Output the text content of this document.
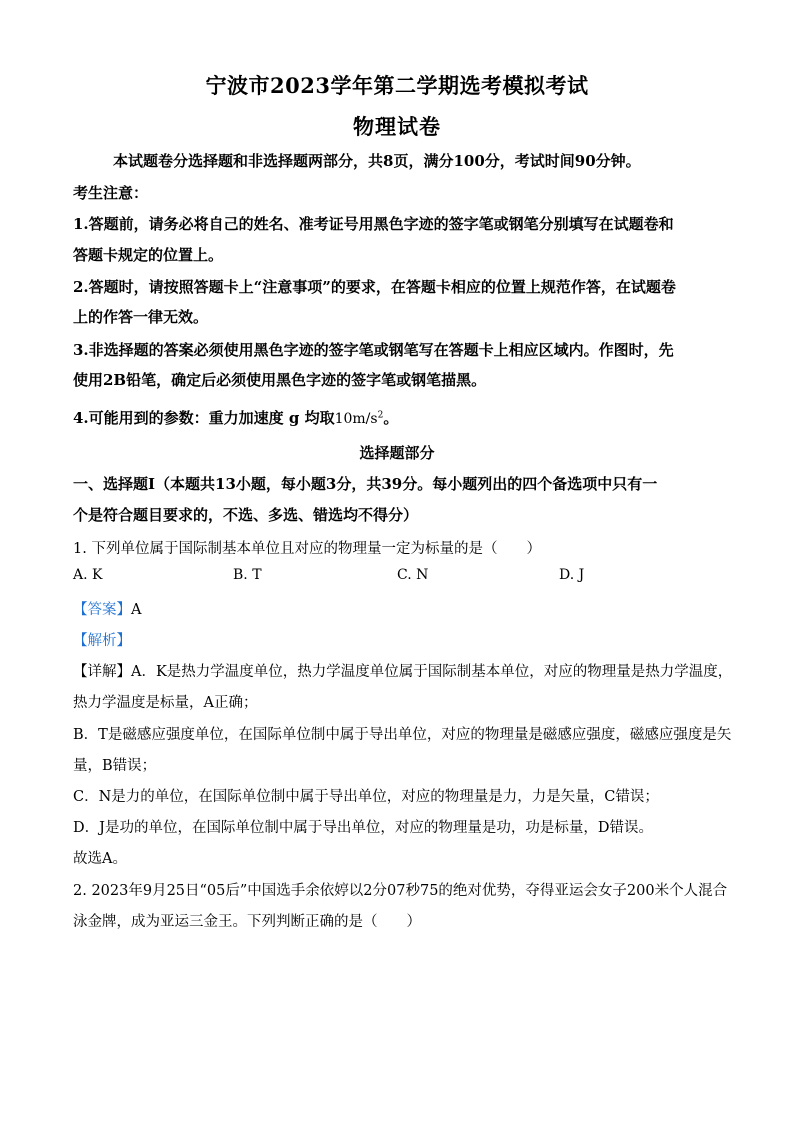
宁波市2023学年第二学期选考模拟考试
物理试卷
本试题卷分选择题和非选择题两部分，共8页，满分100分，考试时间90分钟。
考生注意：
1.答题前，请务必将自己的姓名、准考证号用黑色字迹的签字笔或钢笔分别填写在试题卷和
答题卡规定的位置上。
2.答题时，请按照答题卡上“注意事项”的要求，在答题卡相应的位置上规范作答，在试题卷
上的作答一律无效。
3.非选择题的答案必须使用黑色字迹的签字笔或钢笔写在答题卡上相应区域内。作图时，先
使用2B铅笔，确定后必须使用黑色字迹的签字笔或钢笔描黑。
4.可能用到的参数：重力加速度 g 均取$10m/s^2$。
选择题部分
一、选择题Ⅰ（本题共13小题，每小题3分，共39分。每小题列出的四个备选项中只有一
个是符合题目要求的，不选、多选、错选均不得分）
1. 下列单位属于国际制基本单位且对应的物理量一定为标量的是（　　）
A. K	B. T	C. N	D. J
【答案】A
【解析】
【详解】A．K是热力学温度单位，热力学温度单位属于国际制基本单位，对应的物理量是热力学温度，
热力学温度是标量，A正确；
B．T是磁感应强度单位，在国际单位制中属于导出单位，对应的物理量是磁感应强度，磁感应强度是矢
量，B错误；
C．N是力的单位，在国际单位制中属于导出单位，对应的物理量是力，力是矢量，C错误；
D．J是功的单位，在国际单位制中属于导出单位，对应的物理量是功，功是标量，D错误。
故选A。
2. 2023年9月25日“05后”中国选手余依婷以2分07秒75的绝对优势，夺得亚运会女子200米个人混合
泳金牌，成为亚运三金王。下列判断正确的是（　　）
